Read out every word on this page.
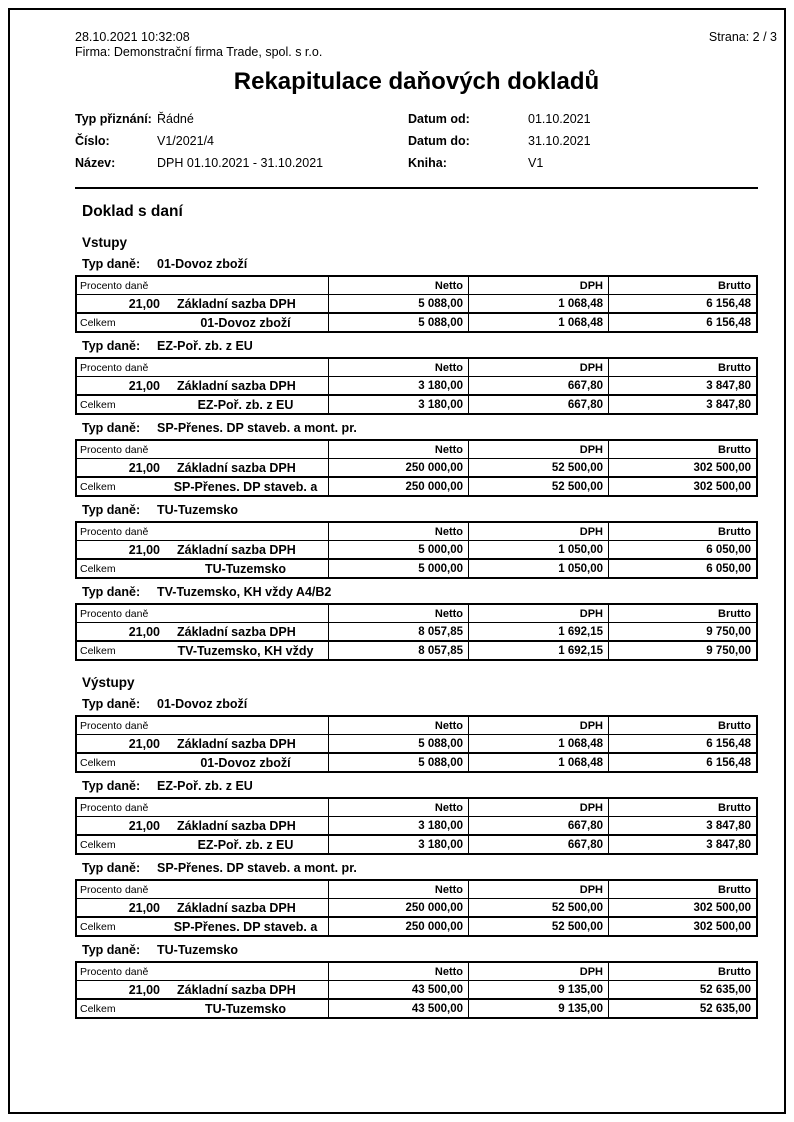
28.10.2021 10:32:08	Strana: 2 / 3
Firma: Demonstrační firma Trade, spol. s r.o.
Rekapitulace daňových dokladů
Typ přiznání: Řádné	Datum od:	01.10.2021
Číslo:	V1/2021/4	Datum do:	31.10.2021
Název:	DPH 01.10.2021 - 31.10.2021	Kniha:	V1
Doklad s daní
Vstupy
Typ daně:	01-Dovoz zboží
Procento daně	Netto	DPH	Brutto
21,00 Základní sazba DPH	5 088,00	1 068,48	6 156,48
Celkem	01-Dovoz zboží	5 088,00	1 068,48	6 156,48
Typ daně:	EZ-Poř. zb. z EU
Procento daně	Netto	DPH	Brutto
21,00 Základní sazba DPH	3 180,00	667,80	3 847,80
Celkem	EZ-Poř. zb. z EU	3 180,00	667,80	3 847,80
Typ daně:	SP-Přenes. DP staveb. a mont. pr.
Procento daně	Netto	DPH	Brutto
21,00 Základní sazba DPH	250 000,00	52 500,00	302 500,00
Celkem	SP-Přenes. DP staveb. a	250 000,00	52 500,00	302 500,00
Typ daně:	TU-Tuzemsko
Procento daně	Netto	DPH	Brutto
21,00 Základní sazba DPH	5 000,00	1 050,00	6 050,00
Celkem	TU-Tuzemsko	5 000,00	1 050,00	6 050,00
Typ daně:	TV-Tuzemsko, KH vždy A4/B2
Procento daně	Netto	DPH	Brutto
21,00 Základní sazba DPH	8 057,85	1 692,15	9 750,00
Celkem	TV-Tuzemsko, KH vždy	8 057,85	1 692,15	9 750,00
Výstupy
Typ daně:	01-Dovoz zboží
Procento daně	Netto	DPH	Brutto
21,00 Základní sazba DPH	5 088,00	1 068,48	6 156,48
Celkem	01-Dovoz zboží	5 088,00	1 068,48	6 156,48
Typ daně:	EZ-Poř. zb. z EU
Procento daně	Netto	DPH	Brutto
21,00 Základní sazba DPH	3 180,00	667,80	3 847,80
Celkem	EZ-Poř. zb. z EU	3 180,00	667,80	3 847,80
Typ daně:	SP-Přenes. DP staveb. a mont. pr.
Procento daně	Netto	DPH	Brutto
21,00 Základní sazba DPH	250 000,00	52 500,00	302 500,00
Celkem	SP-Přenes. DP staveb. a	250 000,00	52 500,00	302 500,00
Typ daně:	TU-Tuzemsko
Procento daně	Netto	DPH	Brutto
21,00 Základní sazba DPH	43 500,00	9 135,00	52 635,00
Celkem	TU-Tuzemsko	43 500,00	9 135,00	52 635,00
